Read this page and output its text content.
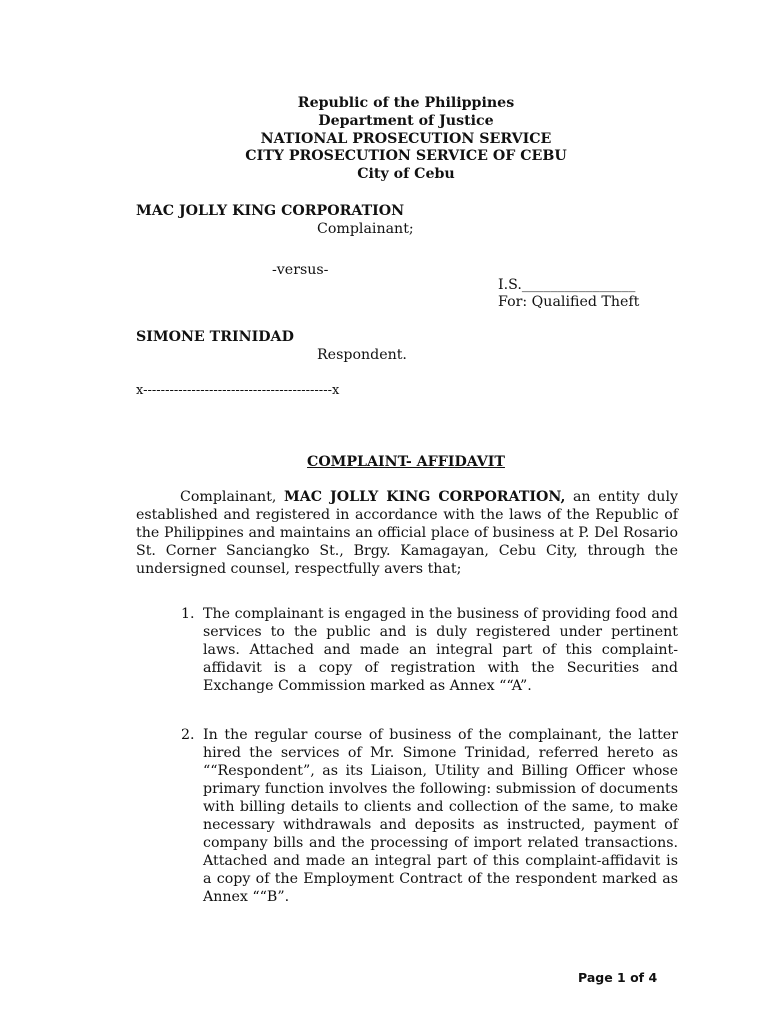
Republic of the Philippines
Department of Justice
NATIONAL PROSECUTION SERVICE
CITY PROSECUTION SERVICE OF CEBU
City of Cebu
MAC JOLLY KING CORPORATION
Complainant;
-versus-
I.S.________________
For: Qualified Theft
SIMONE TRINIDAD
Respondent.
x-------------------------------------------x
COMPLAINT- AFFIDAVIT
Complainant, MAC JOLLY KING CORPORATION, an entity duly established and registered in accordance with the laws of the Republic of the Philippines and maintains an official place of business at P. Del Rosario St. Corner Sanciangko St., Brgy. Kamagayan, Cebu City, through the undersigned counsel, respectfully avers that;
1. The complainant is engaged in the business of providing food and services to the public and is duly registered under pertinent laws. Attached and made an integral part of this complaint-affidavit is a copy of registration with the Securities and Exchange Commission marked as Annex ““A”.
2. In the regular course of business of the complainant, the latter hired the services of Mr. Simone Trinidad, referred hereto as ““Respondent”, as its Liaison, Utility and Billing Officer whose primary function involves the following: submission of documents with billing details to clients and collection of the same, to make necessary withdrawals and deposits as instructed, payment of company bills and the processing of import related transactions. Attached and made an integral part of this complaint-affidavit is a copy of the Employment Contract of the respondent marked as Annex ““B”.
Page 1 of 4
